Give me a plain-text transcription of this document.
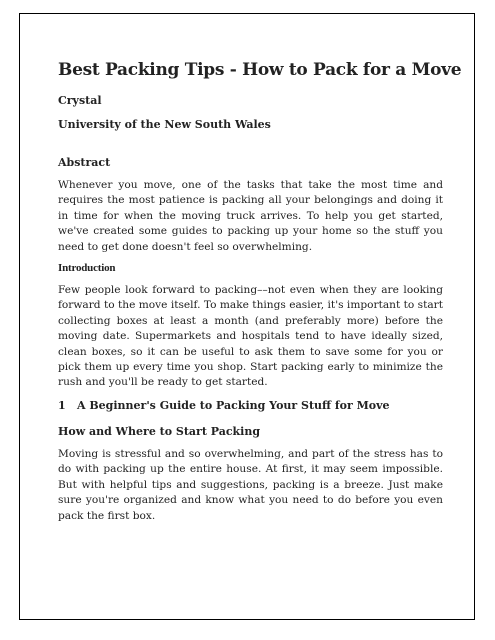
Best Packing Tips - How to Pack for a Move

Crystal

University of the New South Wales

Abstract

Whenever you move, one of the tasks that take the most time and requires the most patience is packing all your belongings and doing it in time for when the moving truck arrives. To help you get started, we've created some guides to packing up your home so the stuff you need to get done doesn't feel so overwhelming.

Introduction

Few people look forward to packing––not even when they are looking forward to the move itself. To make things easier, it's important to start collecting boxes at least a month (and preferably more) before the moving date. Supermarkets and hospitals tend to have ideally sized, clean boxes, so it can be useful to ask them to save some for you or pick them up every time you shop. Start packing early to minimize the rush and you'll be ready to get started.

1 A Beginner's Guide to Packing Your Stuff for Move
How and Where to Start Packing

Moving is stressful and so overwhelming, and part of the stress has to do with packing up the entire house. At first, it may seem impossible. But with helpful tips and suggestions, packing is a breeze. Just make sure you're organized and know what you need to do before you even pack the first box.
